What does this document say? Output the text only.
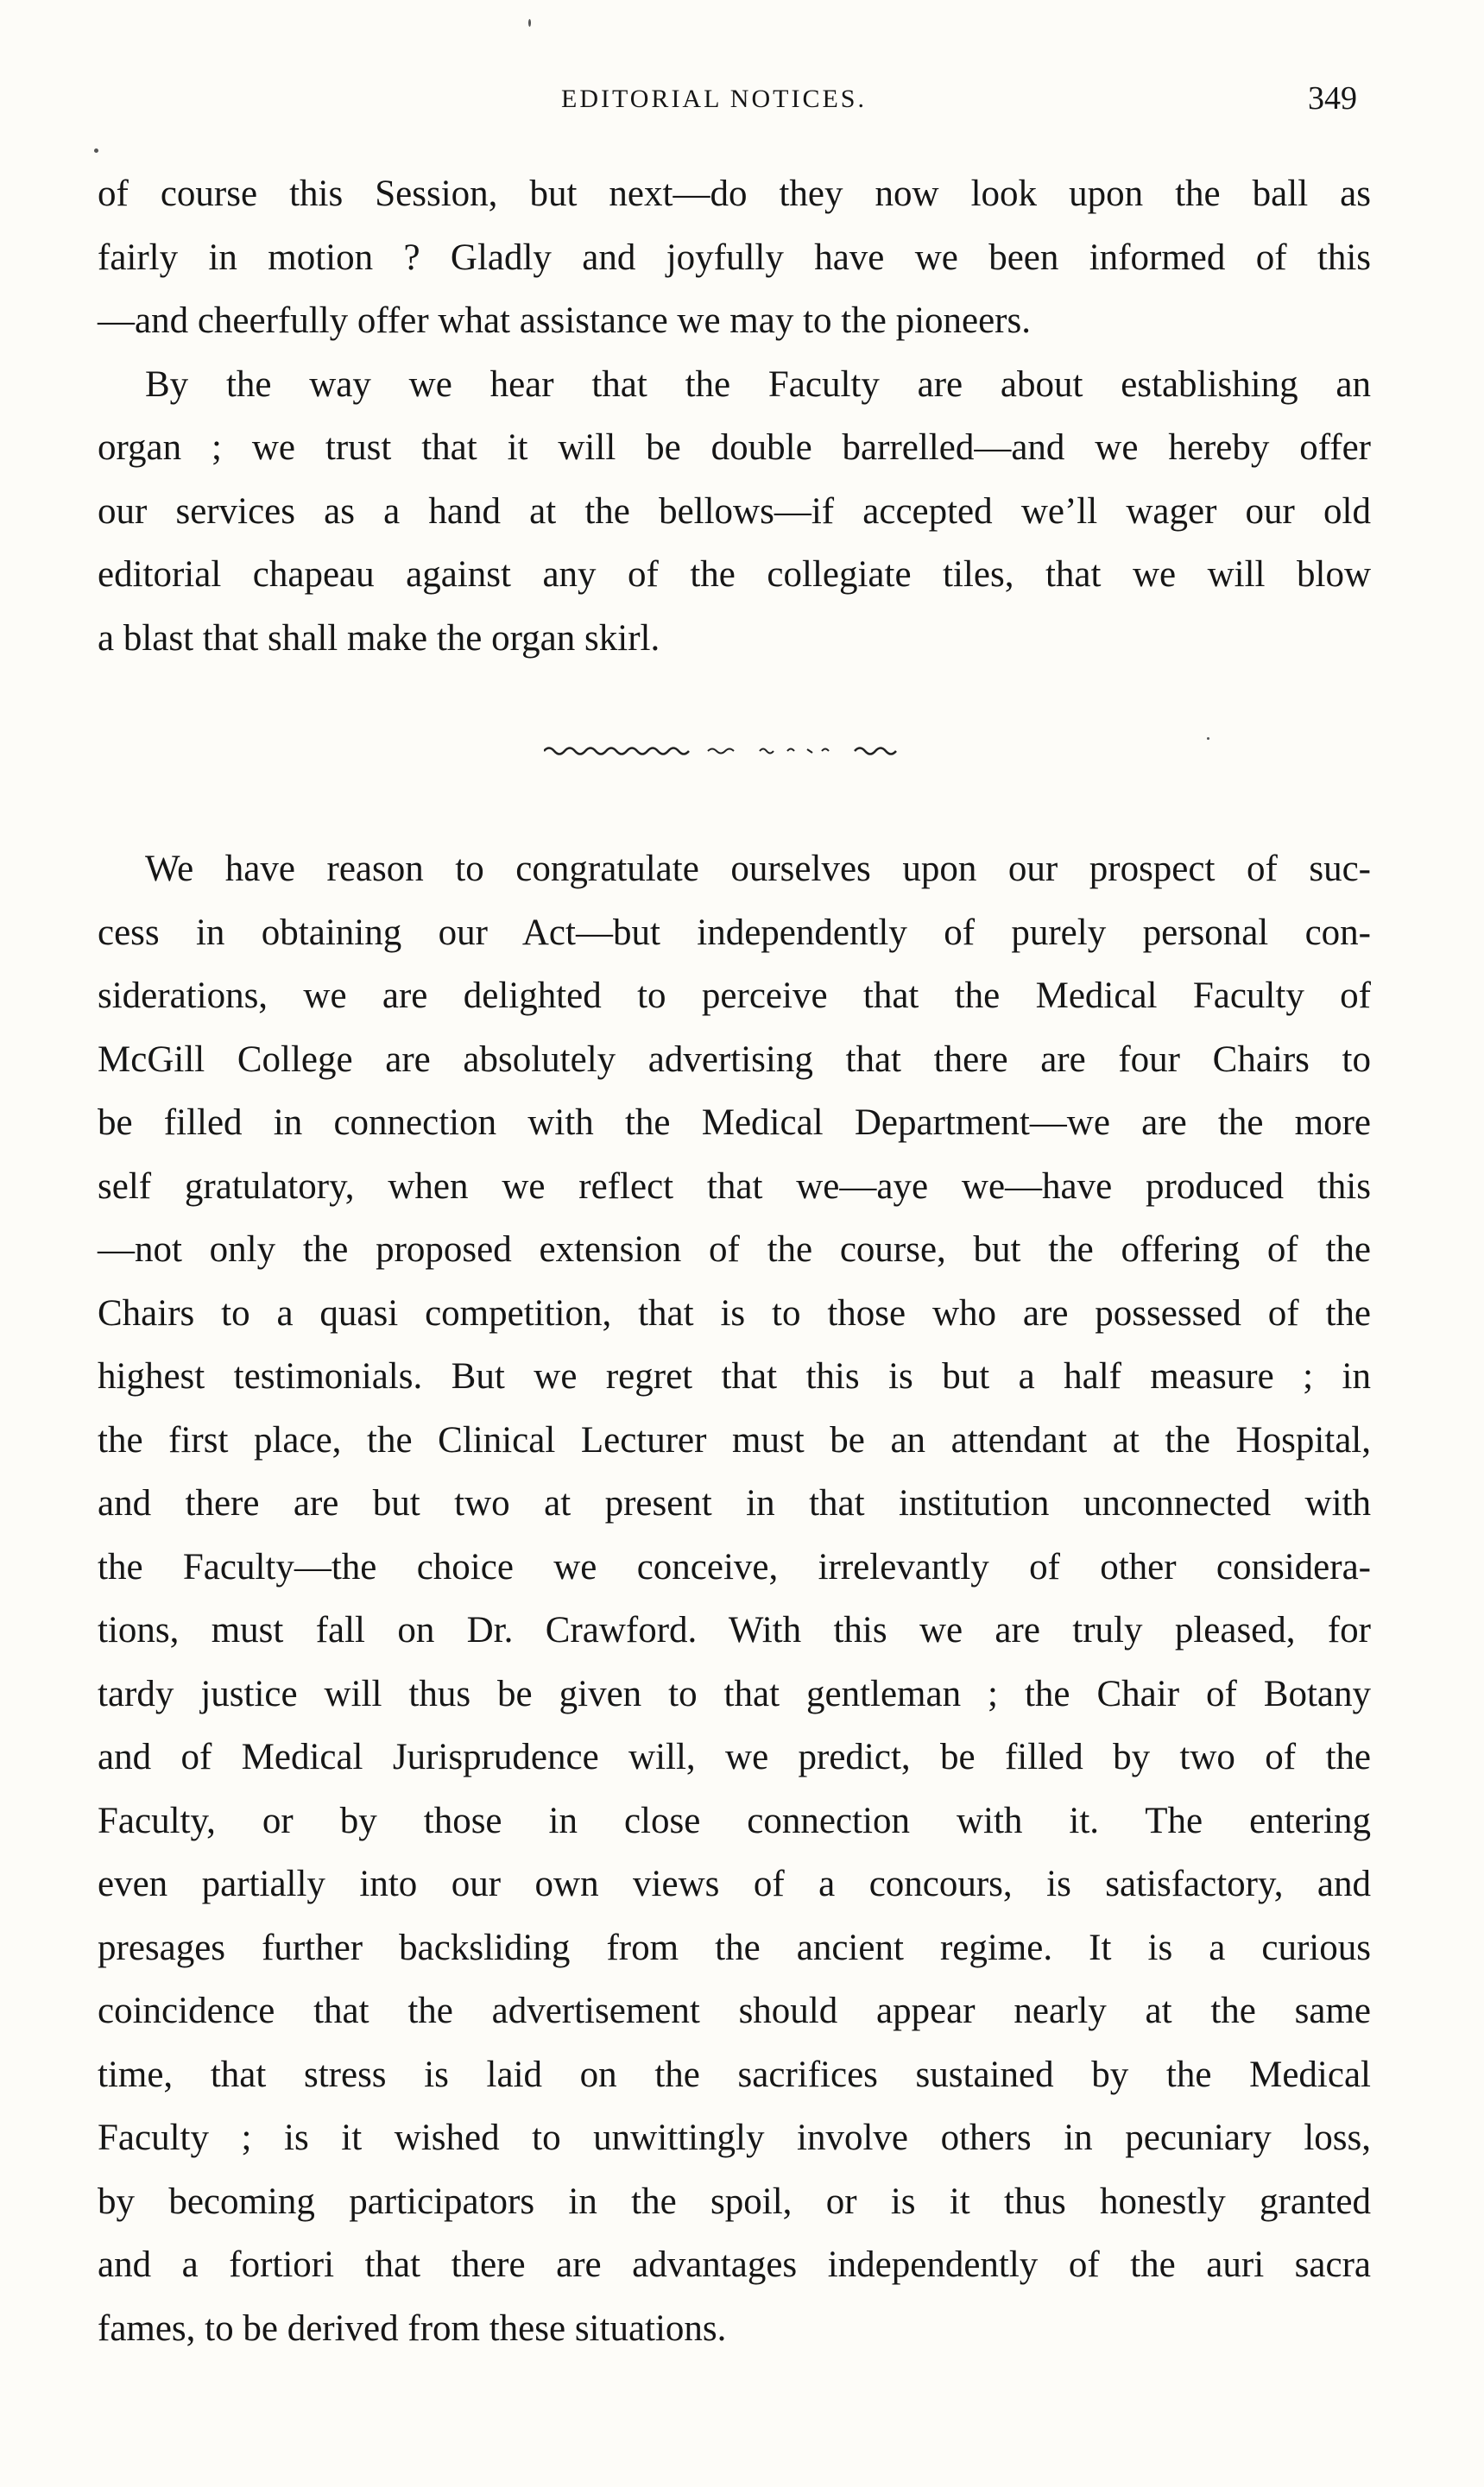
EDITORIAL NOTICES.	349
of course this Session, but next—do they now look upon the ball as
fairly in motion ? Gladly and joyfully have we been informed of this
—and cheerfully offer what assistance we may to the pioneers.
By the way we hear that the Faculty are about establishing an
organ ; we trust that it will be double barrelled—and we hereby offer
our services as a hand at the bellows—if accepted we’ll wager our old
editorial chapeau against any of the collegiate tiles, that we will blow
a blast that shall make the organ skirl.
We have reason to congratulate ourselves upon our prospect of suc-
cess in obtaining our Act—but independently of purely personal con-
siderations, we are delighted to perceive that the Medical Faculty of
McGill College are absolutely advertising that there are four Chairs to
be filled in connection with the Medical Department—we are the more
self gratulatory, when we reflect that we—aye we—have produced this
—not only the proposed extension of the course, but the offering of the
Chairs to a quasi competition, that is to those who are possessed of the
highest testimonials. But we regret that this is but a half measure ; in
the first place, the Clinical Lecturer must be an attendant at the Hospital,
and there are but two at present in that institution unconnected with
the Faculty—the choice we conceive, irrelevantly of other considera-
tions, must fall on Dr. Crawford. With this we are truly pleased, for
tardy justice will thus be given to that gentleman ; the Chair of Botany
and of Medical Jurisprudence will, we predict, be filled by two of the
Faculty, or by those in close connection with it. The entering
even partially into our own views of a concours, is satisfactory, and
presages further backsliding from the ancient regime. It is a curious
coincidence that the advertisement should appear nearly at the same
time, that stress is laid on the sacrifices sustained by the Medical
Faculty ; is it wished to unwittingly involve others in pecuniary loss,
by becoming participators in the spoil, or is it thus honestly granted
and a fortiori that there are advantages independently of the auri sacra
fames, to be derived from these situations.
